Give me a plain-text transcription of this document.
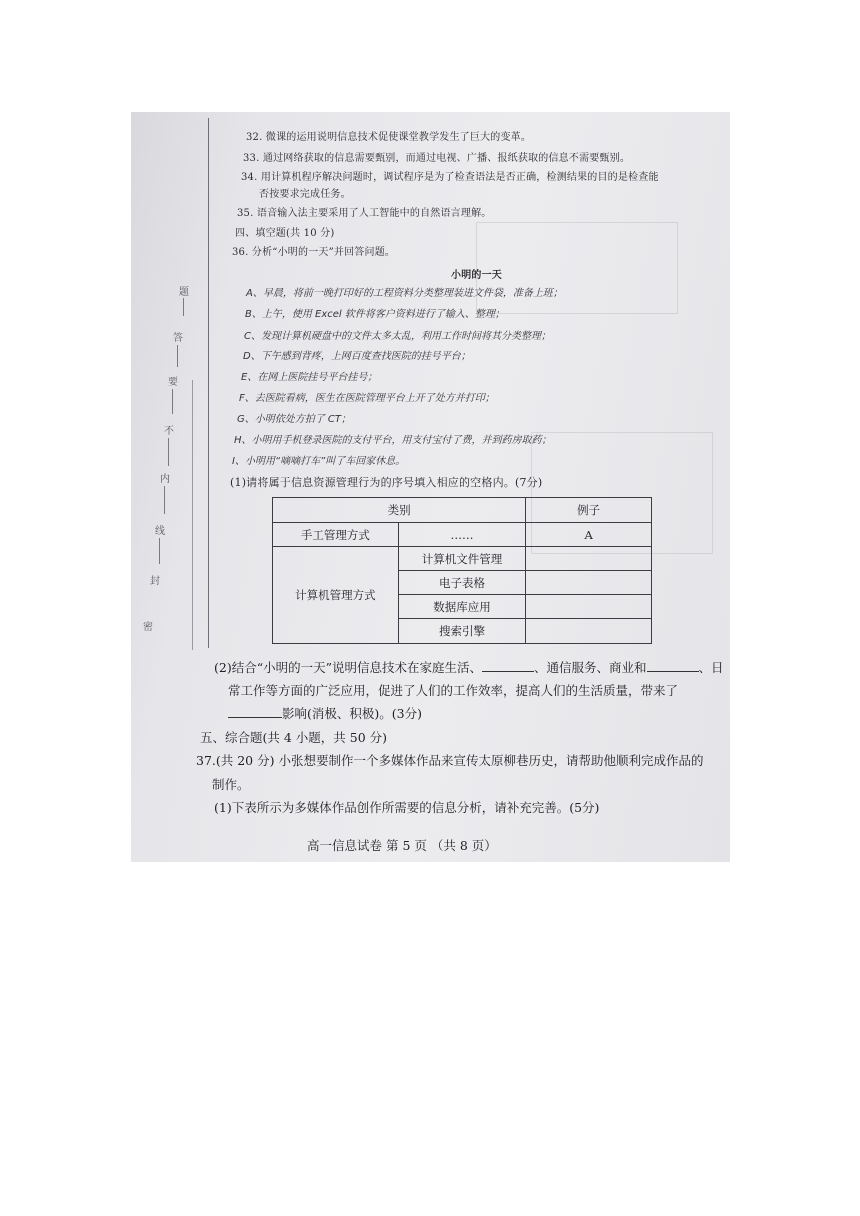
题
答
要
不
内
线
封
密
32. 微课的运用说明信息技术促使课堂教学发生了巨大的变革。
33. 通过网络获取的信息需要甄别，而通过电视、广播、报纸获取的信息不需要甄别。
34. 用计算机程序解决问题时，调试程序是为了检查语法是否正确，检测结果的目的是检查能
否按要求完成任务。
35. 语音输入法主要采用了人工智能中的自然语言理解。
四、填空题(共 10 分)
36. 分析“小明的一天”并回答问题。
小明的一天
A、早晨，将前一晚打印好的工程资料分类整理装进文件袋，准备上班；
B、上午，使用 Excel 软件将客户资料进行了输入、整理；
C、发现计算机硬盘中的文件太多太乱，利用工作时间将其分类整理；
D、下午感到背疼，上网百度查找医院的挂号平台；
E、在网上医院挂号平台挂号；
F、去医院看病，医生在医院管理平台上开了处方并打印；
G、小明依处方拍了 CT；
H、小明用手机登录医院的支付平台，用支付宝付了费，并到药房取药；
I、小明用“嘀嘀打车”叫了车回家休息。
(1)请将属于信息资源管理行为的序号填入相应的空格内。(7分)
类别		例子
手工管理方式	……	A
计算机管理方式	计算机文件管理	
	电子表格	
	数据库应用	
	搜索引擎	
(2)结合“小明的一天”说明信息技术在家庭生活、	、通信服务、商业和	、日
常工作等方面的广泛应用，促进了人们的工作效率，提高人们的生活质量，带来了
影响(消极、积极)。(3分)
五、综合题(共 4 小题，共 50 分)
37.(共 20 分) 小张想要制作一个多媒体作品来宣传太原柳巷历史，请帮助他顺利完成作品的
制作。
(1)下表所示为多媒体作品创作所需要的信息分析，请补充完善。(5分)
高一信息试卷 第 5 页 （共 8 页）
